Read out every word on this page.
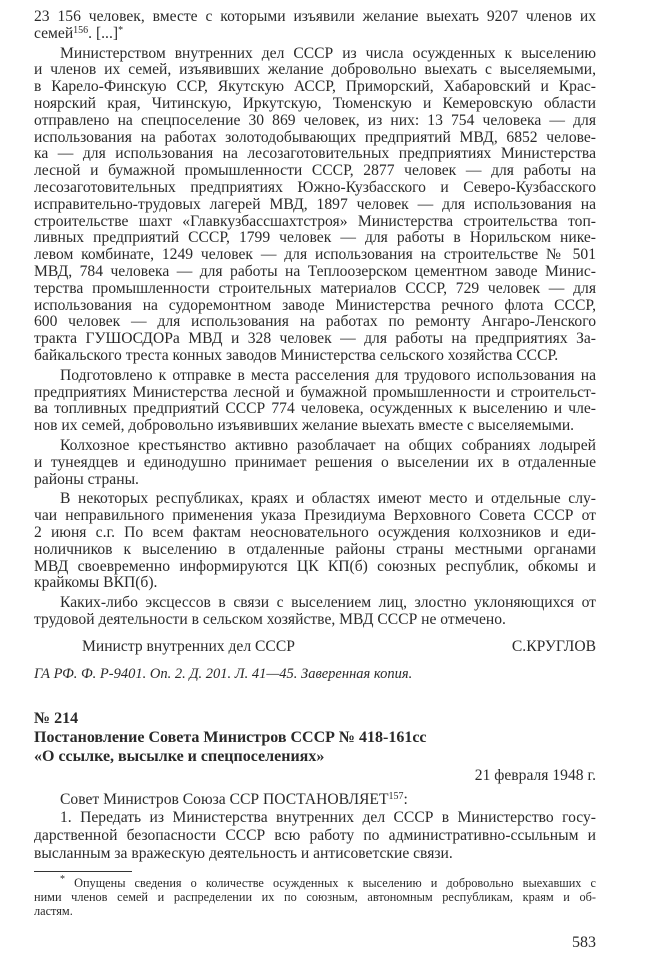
23 156 человек, вместе с которыми изъявили желание выехать 9207 членов их
семей$^{156}$. [...]*
Министерством внутренних дел СССР из числа осужденных к выселению
и членов их семей, изъявивших желание добровольно выехать с выселяемыми,
в Карело-Финскую ССР, Якутскую АССР, Приморский, Хабаровский и Крас-
ноярский края, Читинскую, Иркутскую, Тюменскую и Кемеровскую области
отправлено на спецпоселение 30 869 человек, из них: 13 754 человека — для
использования на работах золотодобывающих предприятий МВД, 6852 челове-
ка — для использования на лесозаготовительных предприятиях Министерства
лесной и бумажной промышленности СССР, 2877 человек — для работы на
лесозаготовительных предприятиях Южно-Кузбасского и Северо-Кузбасского
исправительно-трудовых лагерей МВД, 1897 человек — для использования на
строительстве шахт «Главкузбассшахтстроя» Министерства строительства топ-
ливных предприятий СССР, 1799 человек — для работы в Норильском нике-
левом комбинате, 1249 человек — для использования на строительстве № 501
МВД, 784 человека — для работы на Теплоозерском цементном заводе Минис-
терства промышленности строительных материалов СССР, 729 человек — для
использования на судоремонтном заводе Министерства речного флота СССР,
600 человек — для использования на работах по ремонту Ангаро-Ленского
тракта ГУШОСДОРа МВД и 328 человек — для работы на предприятиях За-
байкальского треста конных заводов Министерства сельского хозяйства СССР.
Подготовлено к отправке в места расселения для трудового использования на
предприятиях Министерства лесной и бумажной промышленности и строительст-
ва топливных предприятий СССР 774 человека, осужденных к выселению и чле-
нов их семей, добровольно изъявивших желание выехать вместе с выселяемыми.
Колхозное крестьянство активно разоблачает на общих собраниях лодырей
и тунеядцев и единодушно принимает решения о выселении их в отдаленные
районы страны.
В некоторых республиках, краях и областях имеют место и отдельные слу-
чаи неправильного применения указа Президиума Верховного Совета СССР от
2 июня с.г. По всем фактам неосновательного осуждения колхозников и еди-
ноличников к выселению в отдаленные районы страны местными органами
МВД своевременно информируются ЦК КП(б) союзных республик, обкомы и
крайкомы ВКП(б).
Каких-либо эксцессов в связи с выселением лиц, злостно уклоняющихся от
трудовой деятельности в сельском хозяйстве, МВД СССР не отмечено.
Министр внутренних дел СССР	С.КРУГЛОВ
ГА РФ. Ф. Р-9401. Оп. 2. Д. 201. Л. 41—45. Заверенная копия.
№ 214
Постановление Совета Министров СССР № 418-161сс
«О ссылке, высылке и спецпоселениях»
21 февраля 1948 г.
Совет Министров Союза ССР ПОСТАНОВЛЯЕТ$^{157}$:
1. Передать из Министерства внутренних дел СССР в Министерство госу-
дарственной безопасности СССР всю работу по административно-ссыльным и
высланным за вражескую деятельность и антисоветские связи.
* Опущены сведения о количестве осужденных к выселению и добровольно выехавших с
ними членов семей и распределении их по союзным, автономным республикам, краям и об-
ластям.
583
